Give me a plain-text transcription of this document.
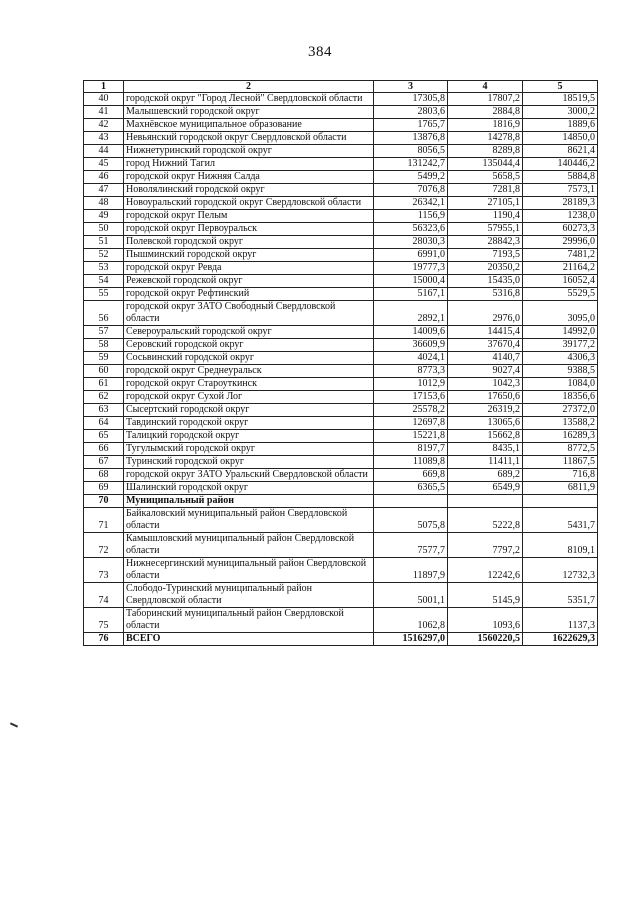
384
1	2	3	4	5
40	городской округ "Город Лесной" Свердловской области	17305,8	17807,2	18519,5
41	Малышевский городской округ	2803,6	2884,8	3000,2
42	Махнёвское муниципальное образование	1765,7	1816,9	1889,6
43	Невьянский городской округ Свердловской области	13876,8	14278,8	14850,0
44	Нижнетуринский городской округ	8056,5	8289,8	8621,4
45	город Нижний Тагил	131242,7	135044,4	140446,2
46	городской округ Нижняя Салда	5499,2	5658,5	5884,8
47	Новолялинский городской округ	7076,8	7281,8	7573,1
48	Новоуральский городской округ Свердловской области	26342,1	27105,1	28189,3
49	городской округ Пелым	1156,9	1190,4	1238,0
50	городской округ Первоуральск	56323,6	57955,1	60273,3
51	Полевской городской округ	28030,3	28842,3	29996,0
52	Пышминский городской округ	6991,0	7193,5	7481,2
53	городской округ Ревда	19777,3	20350,2	21164,2
54	Режевской городской округ	15000,4	15435,0	16052,4
55	городской округ Рефтинский	5167,1	5316,8	5529,5
56	городской округ ЗАТО Свободный Свердловской области	2892,1	2976,0	3095,0
57	Североуральский городской округ	14009,6	14415,4	14992,0
58	Серовский городской округ	36609,9	37670,4	39177,2
59	Сосьвинский городской округ	4024,1	4140,7	4306,3
60	городской округ Среднеуральск	8773,3	9027,4	9388,5
61	городской округ Староуткинск	1012,9	1042,3	1084,0
62	городской округ Сухой Лог	17153,6	17650,6	18356,6
63	Сысертский городской округ	25578,2	26319,2	27372,0
64	Тавдинский городской округ	12697,8	13065,6	13588,2
65	Талицкий городской округ	15221,8	15662,8	16289,3
66	Тугулымский городской округ	8197,7	8435,1	8772,5
67	Туринский городской округ	11089,8	11411,1	11867,5
68	городской округ ЗАТО Уральский Свердловской области	669,8	689,2	716,8
69	Шалинский городской округ	6365,5	6549,9	6811,9
70	Муниципальный район			
71	Байкаловский муниципальный район Свердловской области	5075,8	5222,8	5431,7
72	Камышловский муниципальный район Свердловской области	7577,7	7797,2	8109,1
73	Нижнесергинский муниципальный район Свердловской области	11897,9	12242,6	12732,3
74	Слободо-Туринский муниципальный район Свердловской области	5001,1	5145,9	5351,7
75	Таборинский муниципальный район Свердловской области	1062,8	1093,6	1137,3
76	ВСЕГО	1516297,0	1560220,5	1622629,3
